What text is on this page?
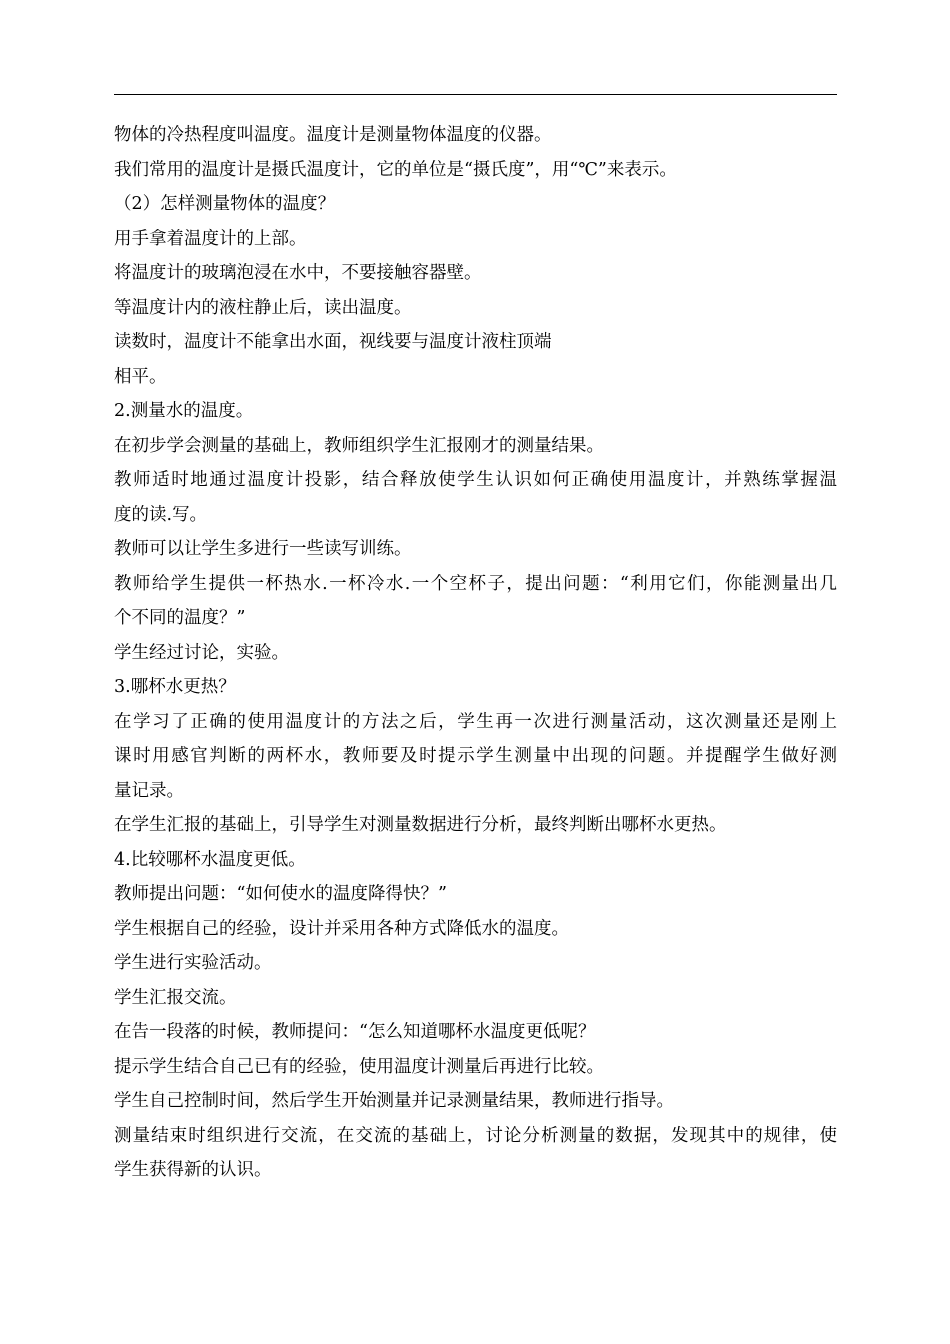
物体的冷热程度叫温度。温度计是测量物体温度的仪器。
我们常用的温度计是摄氏温度计，它的单位是“摄氏度”，用“℃”来表示。
（2）怎样测量物体的温度？
用手拿着温度计的上部。
将温度计的玻璃泡浸在水中，不要接触容器壁。
等温度计内的液柱静止后，读出温度。
读数时，温度计不能拿出水面，视线要与温度计液柱顶端
相平。
2.测量水的温度。
在初步学会测量的基础上，教师组织学生汇报刚才的测量结果。
教师适时地通过温度计投影，结合释放使学生认识如何正确使用温度计，并熟练掌握温
度的读.写。
教师可以让学生多进行一些读写训练。
教师给学生提供一杯热水.一杯冷水.一个空杯子，提出问题：“利用它们，你能测量出几
个不同的温度？”
学生经过讨论，实验。
3.哪杯水更热？
在学习了正确的使用温度计的方法之后，学生再一次进行测量活动，这次测量还是刚上
课时用感官判断的两杯水，教师要及时提示学生测量中出现的问题。并提醒学生做好测
量记录。
在学生汇报的基础上，引导学生对测量数据进行分析，最终判断出哪杯水更热。
4.比较哪杯水温度更低。
教师提出问题：“如何使水的温度降得快？”
学生根据自己的经验，设计并采用各种方式降低水的温度。
学生进行实验活动。
学生汇报交流。
在告一段落的时候，教师提问：“怎么知道哪杯水温度更低呢？
提示学生结合自己已有的经验，使用温度计测量后再进行比较。
学生自己控制时间，然后学生开始测量并记录测量结果，教师进行指导。
测量结束时组织进行交流，在交流的基础上，讨论分析测量的数据，发现其中的规律，使
学生获得新的认识。
